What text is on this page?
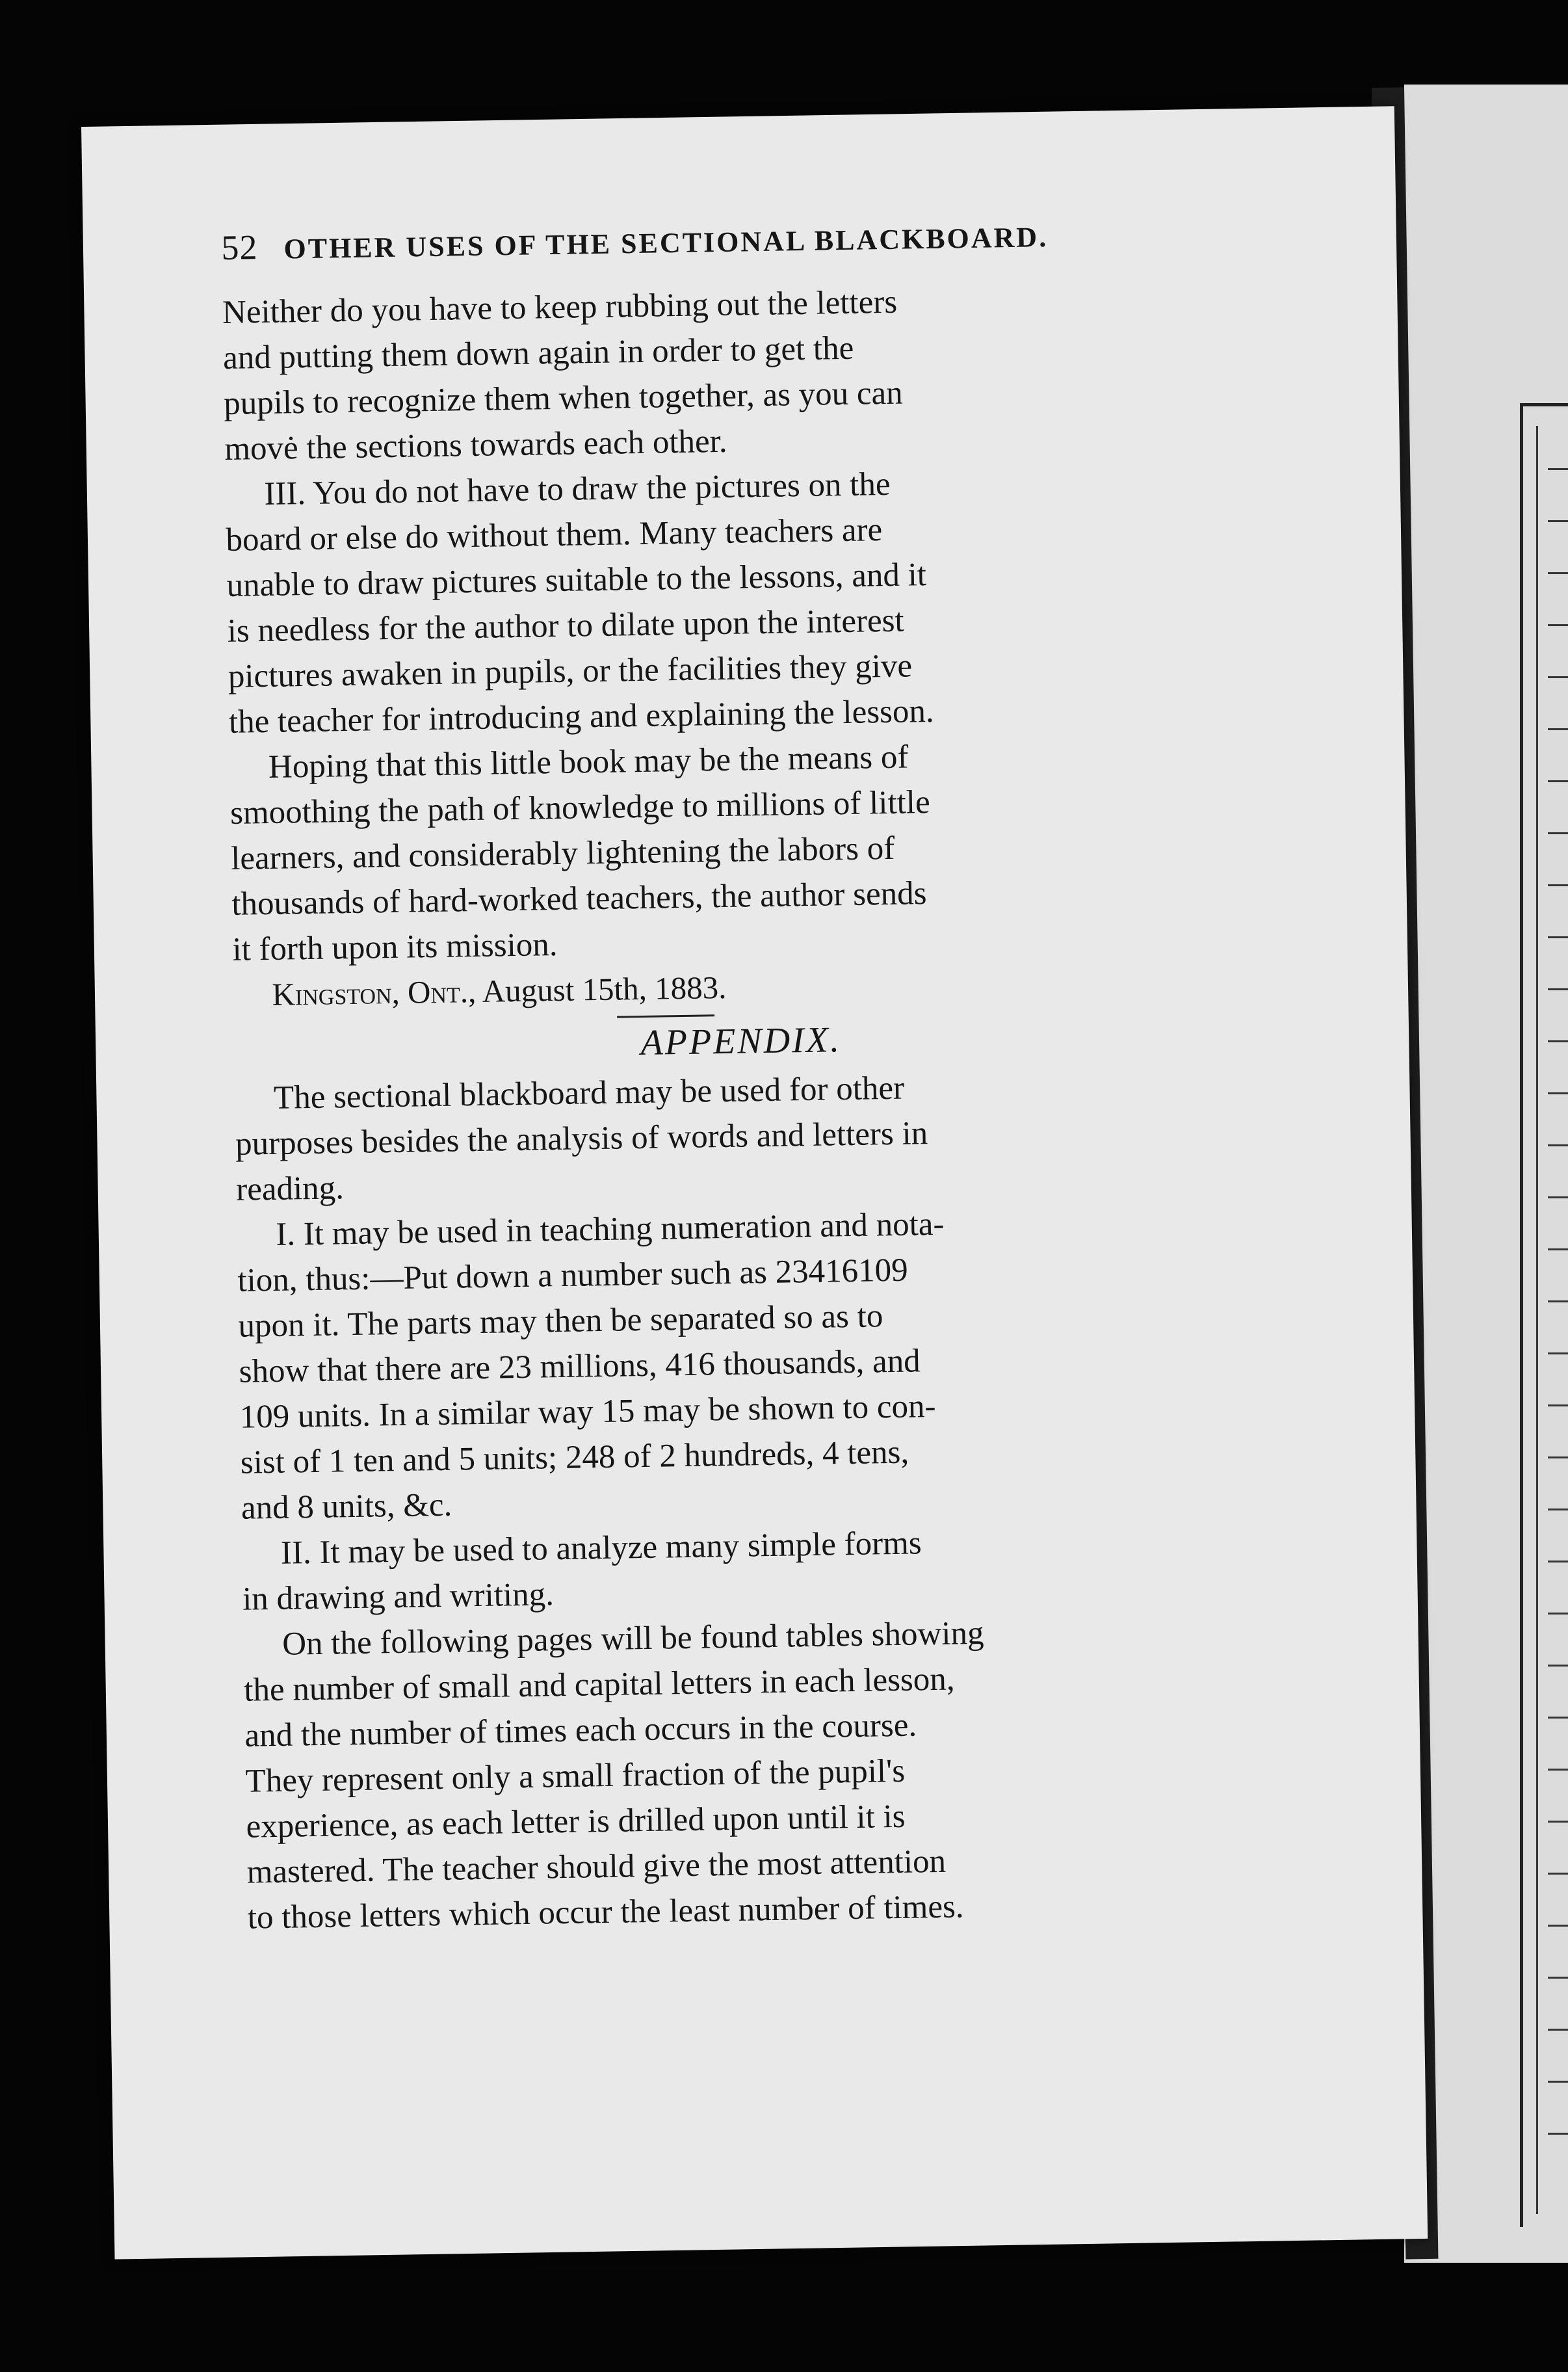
52 OTHER USES OF THE SECTIONAL BLACKBOARD.

Neither do you have to keep rubbing out the letters
and putting them down again in order to get the
pupils to recognize them when together, as you can
movė the sections towards each other.

III. You do not have to draw the pictures on the
board or else do without them. Many teachers are
unable to draw pictures suitable to the lessons, and it
is needless for the author to dilate upon the interest
pictures awaken in pupils, or the facilities they give
the teacher for introducing and explaining the lesson.

Hoping that this little book may be the means of
smoothing the path of knowledge to millions of little
learners, and considerably lightening the labors of
thousands of hard-worked teachers, the author sends
it forth upon its mission.

Kingston, Ont., August 15th, 1883.
APPENDIX.

The sectional blackboard may be used for other
purposes besides the analysis of words and letters in
reading.

I. It may be used in teaching numeration and nota-
tion, thus:—Put down a number such as 23416109
upon it. The parts may then be separated so as to
show that there are 23 millions, 416 thousands, and
109 units. In a similar way 15 may be shown to con-
sist of 1 ten and 5 units; 248 of 2 hundreds, 4 tens,
and 8 units, &c.

II. It may be used to analyze many simple forms
in drawing and writing.

On the following pages will be found tables showing
the number of small and capital letters in each lesson,
and the number of times each occurs in the course.
They represent only a small fraction of the pupil's
experience, as each letter is drilled upon until it is
mastered. The teacher should give the most attention
to those letters which occur the least number of times.
